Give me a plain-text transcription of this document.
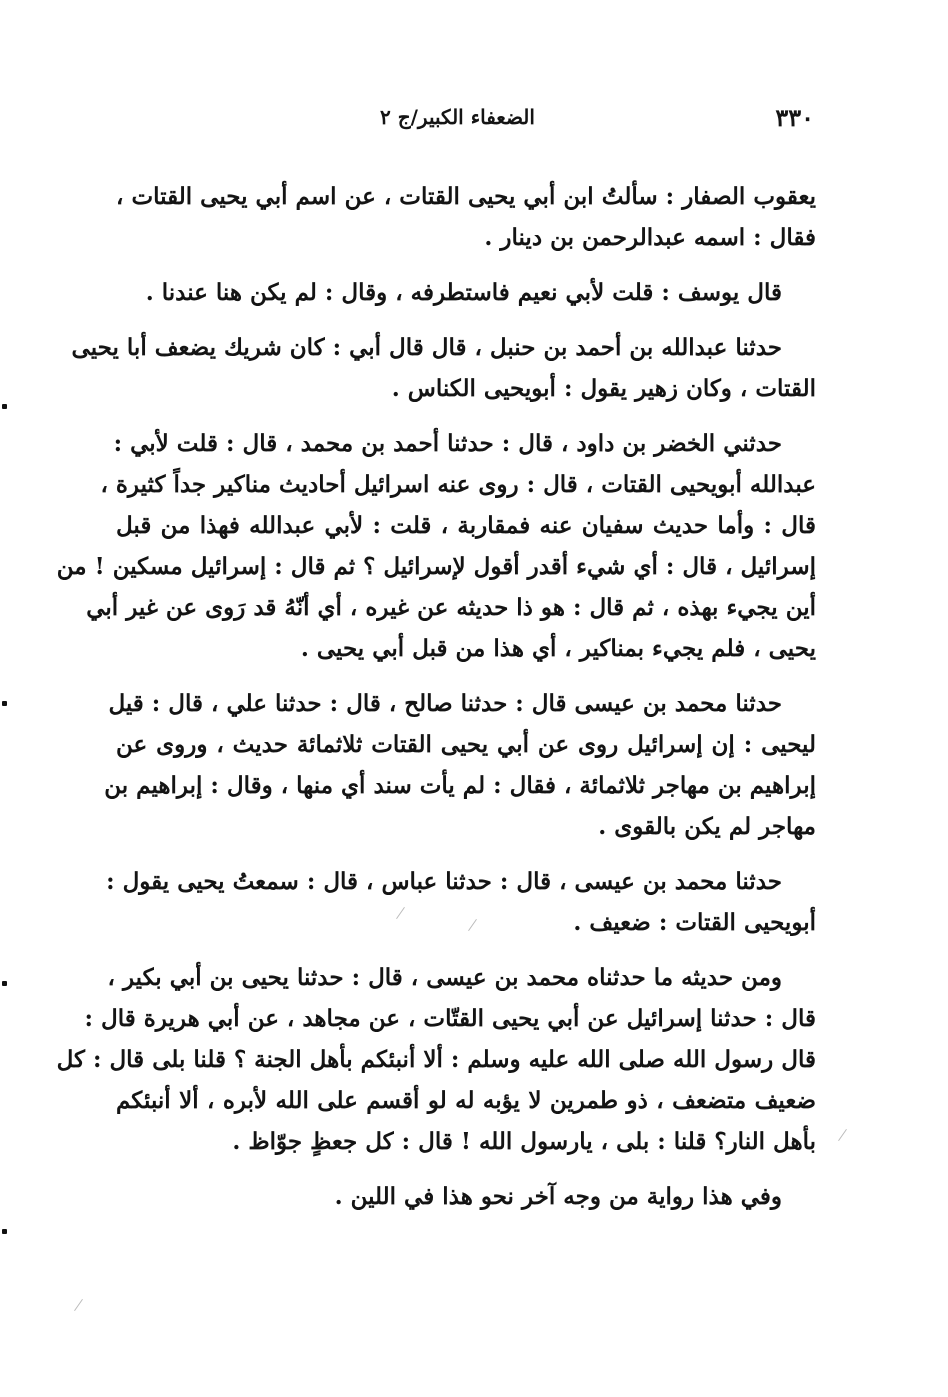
٣٣٠
الضعفاء الكبير/ج ٢

يعقوب الصفار : سألتُ ابن أبي يحيى القتات ، عن اسم أبي يحيى القتات ،
فقال : اسمه عبدالرحمن بن دينار .

قال يوسف : قلت لأبي نعيم فاستطرفه ، وقال : لم يكن هنا عندنا .

حدثنا عبدالله بن أحمد بن حنبل ، قال قال أبي : كان شريك يضعف أبا يحيى
القتات ، وكان زهير يقول : أبويحيى الكناس .

حدثني الخضر بن داود ، قال : حدثنا أحمد بن محمد ، قال : قلت لأبي :
عبدالله أبويحيى القتات ، قال : روى عنه اسرائيل أحاديث مناكير جداً كثيرة ،
قال : وأما حديث سفيان عنه فمقاربة ، قلت : لأبي عبدالله فهذا من قبل
إسرائيل ، قال : أي شيء أقدر أقول لإسرائيل ؟ ثم قال : إسرائيل مسكين ! من
أين يجيء بهذه ، ثم قال : هو ذا حديثه عن غيره ، أي أنّهُ قد رَوى عن غير أبي
يحيى ، فلم يجيء بمناكير ، أي هذا من قبل أبي يحيى .

حدثنا محمد بن عيسى قال : حدثنا صالح ، قال : حدثنا علي ، قال : قيل
ليحيى : إن إسرائيل روى عن أبي يحيى القتات ثلاثمائة حديث ، وروى عن
إبراهيم بن مهاجر ثلاثمائة ، فقال : لم يأت سند أي منها ، وقال : إبراهيم بن
مهاجر لم يكن بالقوى .

حدثنا محمد بن عيسى ، قال : حدثنا عباس ، قال : سمعتُ يحيى يقول :
أبويحيى القتات : ضعيف .

ومن حديثه ما حدثناه محمد بن عيسى ، قال : حدثنا يحيى بن أبي بكير ،
قال : حدثنا إسرائيل عن أبي يحيى القتّات ، عن مجاهد ، عن أبي هريرة قال :
قال رسول الله صلى الله عليه وسلم : ألا أنبئكم بأهل الجنة ؟ قلنا بلى قال : كل
ضعيف متضعف ، ذو طمرين لا يؤبه له لو أقسم على الله لأبره ، ألا أنبئكم
بأهل النار؟ قلنا : بلى ، يارسول الله ! قال : كل جعظٍ جوّاظ .

وفي هذا رواية من وجه آخر نحو هذا في اللين .
